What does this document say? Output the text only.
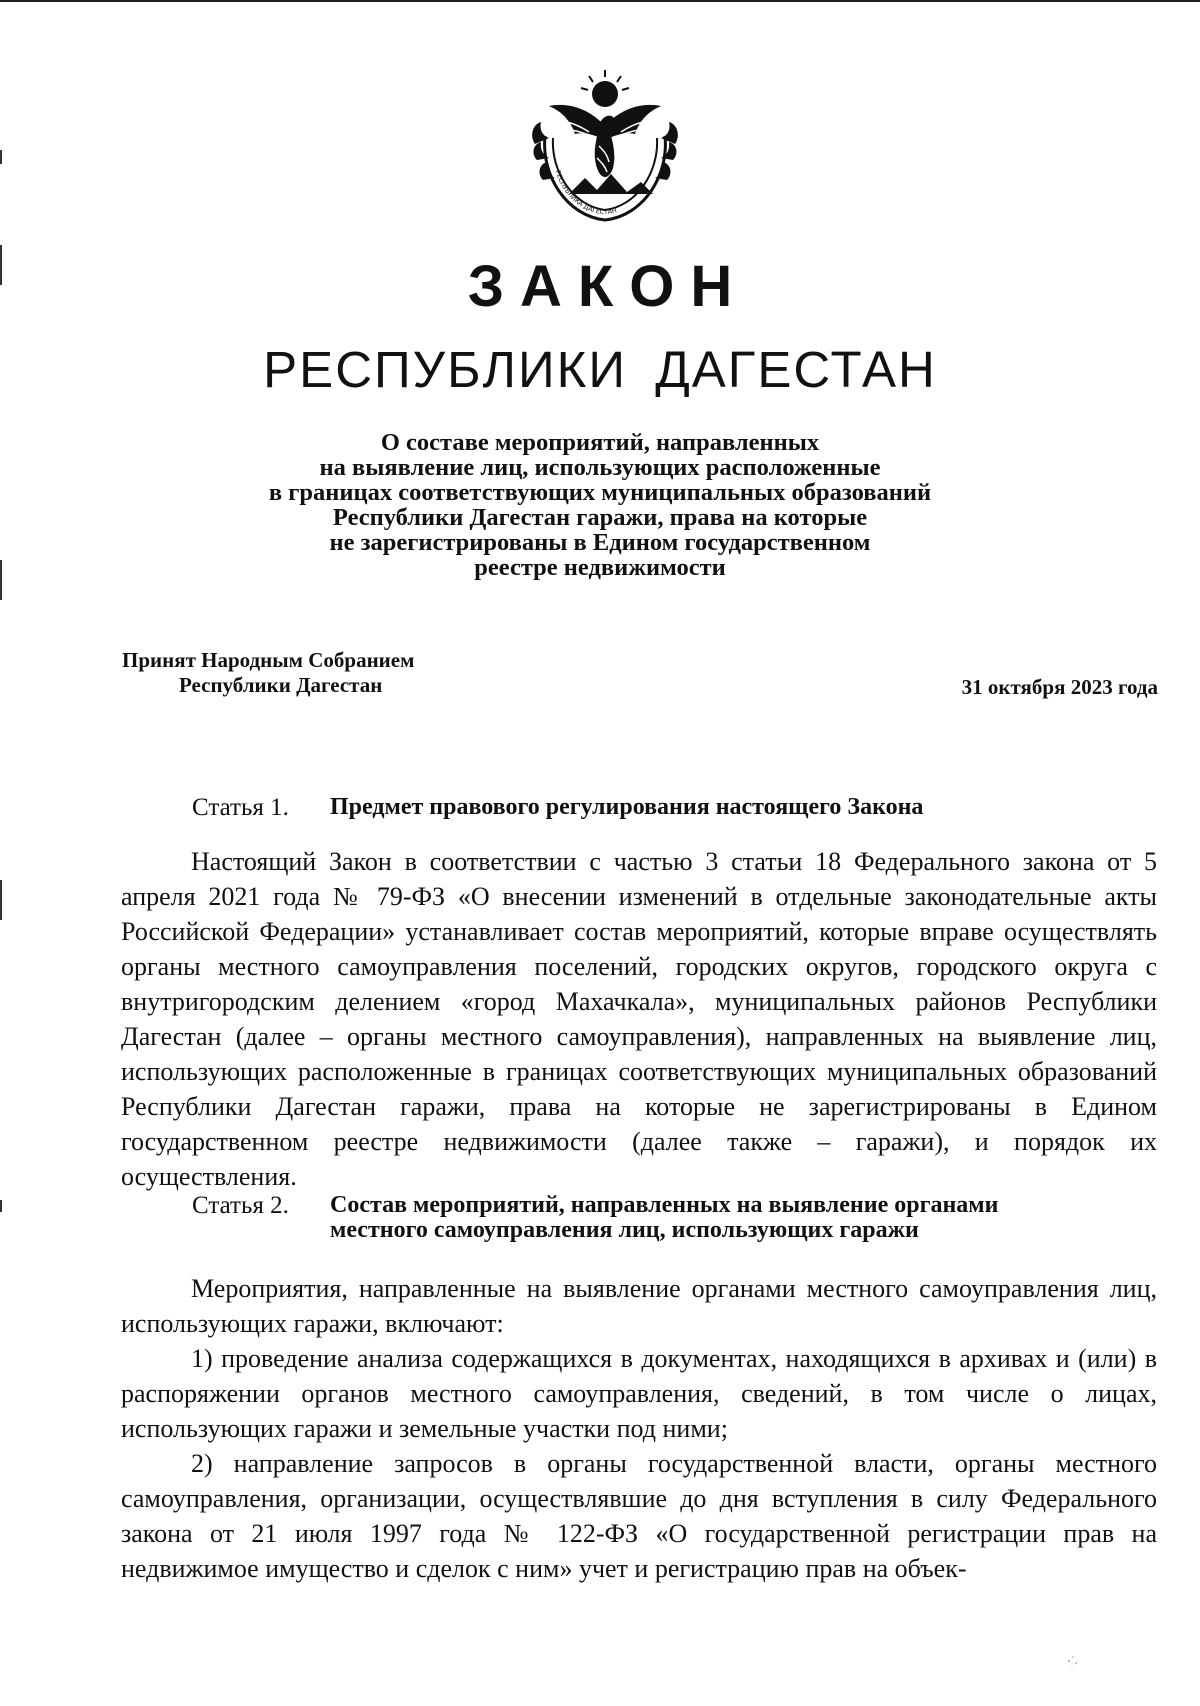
РЕСПУБЛИКА ДАГЕСТАН
ЗАКОН
РЕСПУБЛИКИ ДАГЕСТАН
О составе мероприятий, направленных
на выявление лиц, использующих расположенные
в границах соответствующих муниципальных образований
Республики Дагестан гаражи, права на которые
не зарегистрированы в Едином государственном
реестре недвижимости
Принят Народным Собранием
Республики Дагестан	31 октября 2023 года
Статья 1.	Предмет правового регулирования настоящего Закона

Настоящий Закон в соответствии с частью 3 статьи 18 Федерального закона от 5 апреля 2021 года № 79-ФЗ «О внесении изменений в отдельные законодательные акты Российской Федерации» устанавливает состав мероприятий, которые вправе осуществлять органы местного самоуправления поселений, городских округов, городского округа с внутригородским делением «город Махачкала», муниципальных районов Республики Дагестан (далее – органы местного самоуправления), направленных на выявление лиц, использующих расположенные в границах соответствующих муниципальных образований Республики Дагестан гаражи, права на которые не зарегистрированы в Едином государственном реестре недвижимости (далее также – гаражи), и порядок их осуществления.

Статья 2.	Состав мероприятий, направленных на выявление органами
местного самоуправления лиц, использующих гаражи

Мероприятия, направленные на выявление органами местного самоуправления лиц, использующих гаражи, включают:

1) проведение анализа содержащихся в документах, находящихся в архивах и (или) в распоряжении органов местного самоуправления, сведений, в том числе о лицах, использующих гаражи и земельные участки под ними;

2) направление запросов в органы государственной власти, органы местного самоуправления, организации, осуществлявшие до дня вступления в силу Федерального закона от 21 июля 1997 года № 122-ФЗ «О государственной регистрации прав на недвижимое имущество и сделок с ним» учет и регистрацию прав на объек-
